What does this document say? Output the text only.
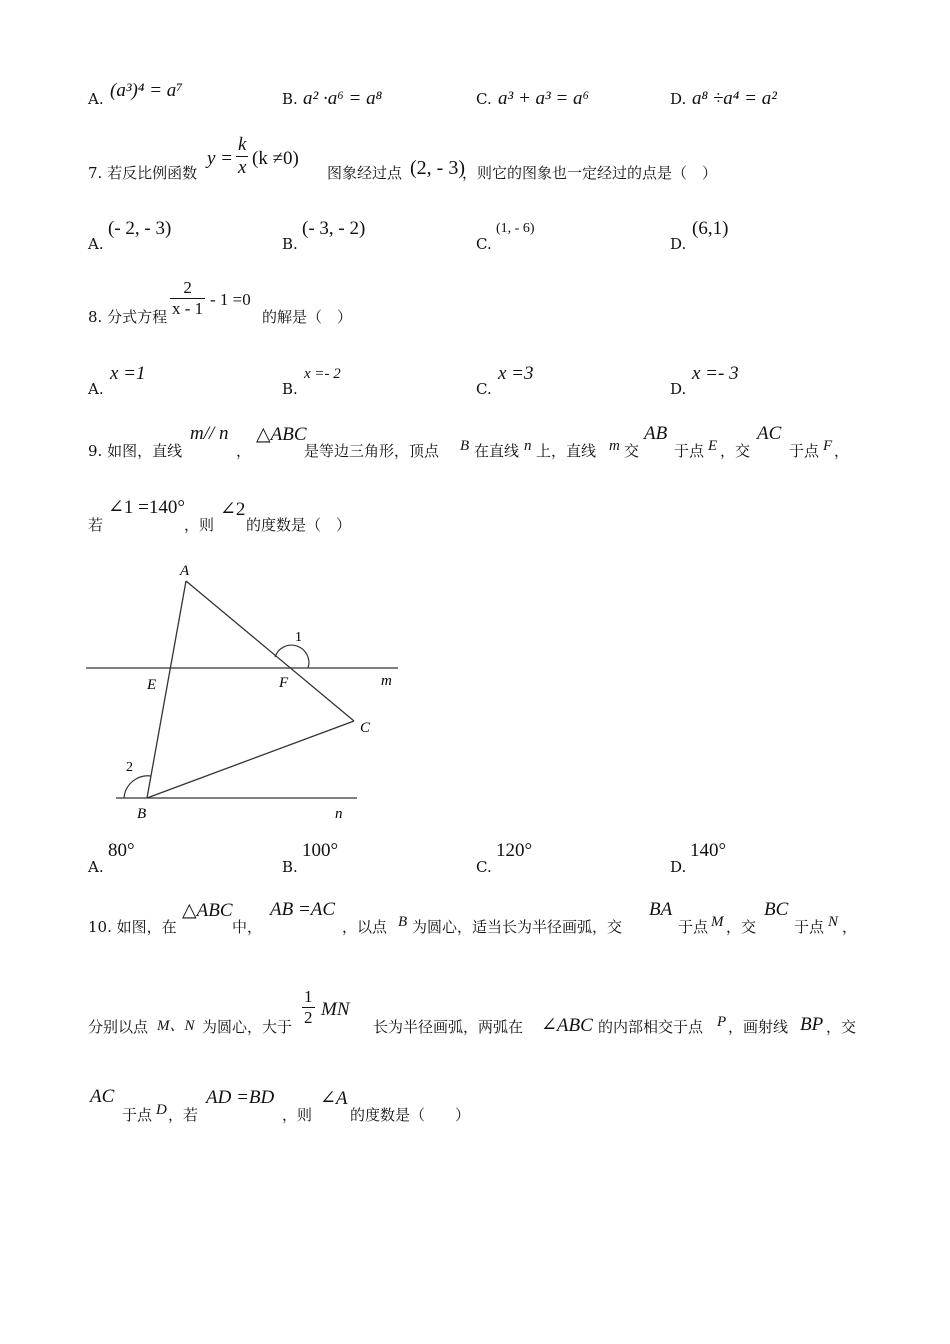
A. (a³)⁴ = a⁷	B. a² ·a⁶ = a⁸	C. a³ + a³ = a⁶	D. a⁸ ÷a⁴ = a²
7. 若反比例函数
$y = \frac{k}{x} (k \ne 0)$
图象经过点 (2, - 3)
，则它的图象也一定经过的点是（　）
A.
(- 2, - 3)
B.
(- 3, - 2)
C.
(1, - 6)
D.
(6,1)
8. 分式方程 $\frac{2}{x - 1} - 1 =0$
的解是（　）
A.
x =1
B.
x =- 2
C.
x =3
D.
x =- 3
9. 如图，直线
m// n
，
△ABC
是等边三角形，顶点 B 在直线 n 上，直线 m 交
AB
于点 E ，交
AC
于点 F ，
若
∠1 =140°
，则
∠2
的度数是（　）
A
B
C
E	F	m
n
1
2
A.
80°
B.
100°
C.
120°
D.
140°
10. 如图，在
△ABC
中，
AB =AC
，以点 B 为圆心，适当长为半径画弧，交
BA
于点 M ，交
BC
于点 N ，
分别以点 M、N 为圆心，大于 $\frac{1}{2}$ MN
长为半径画弧，两弧在 ∠ABC 的内部相交于点 P ，画射线 BP ，交
AC
于点 D ，若
AD =BD
，则
∠A
的度数是（　　）
